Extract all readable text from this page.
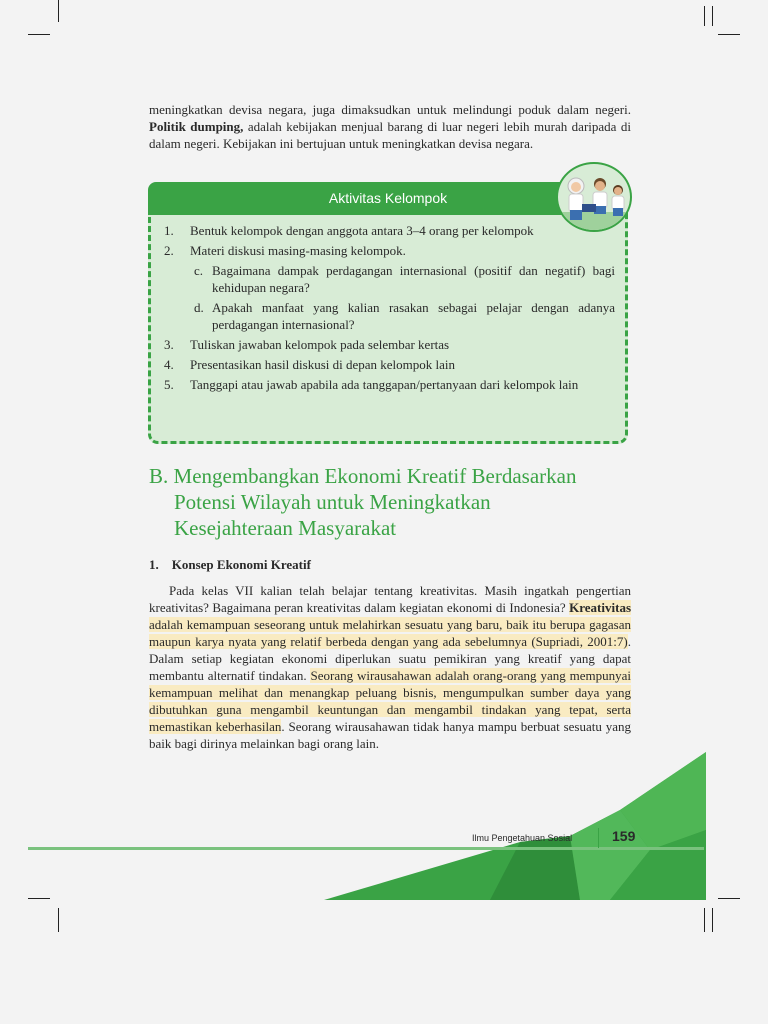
meningkatkan devisa negara, juga dimaksudkan untuk melindungi poduk dalam negeri. Politik dumping, adalah kebijakan menjual barang di luar negeri lebih murah daripada di dalam negeri. Kebijakan ini bertujuan untuk meningkatkan devisa negara.

Aktivitas Kelompok
1. Bentuk kelompok dengan anggota antara 3–4 orang per kelompok
2. Materi diskusi masing-masing kelompok.
c. Bagaimana dampak perdagangan internasional (positif dan negatif) bagi kehidupan negara?
d. Apakah manfaat yang kalian rasakan sebagai pelajar dengan adanya perdagangan internasional?
3. Tuliskan jawaban kelompok pada selembar kertas
4. Presentasikan hasil diskusi di depan kelompok lain
5. Tanggapi atau jawab apabila ada tanggapan/pertanyaan dari kelompok lain
B. Mengembangkan Ekonomi Kreatif Berdasarkan
Potensi Wilayah untuk Meningkatkan
Kesejahteraan Masyarakat
1. Konsep Ekonomi Kreatif

Pada kelas VII kalian telah belajar tentang kreativitas. Masih ingatkah pengertian kreativitas? Bagaimana peran kreativitas dalam kegiatan ekonomi di Indonesia? Kreativitas adalah kemampuan seseorang untuk melahirkan sesuatu yang baru, baik itu berupa gagasan maupun karya nyata yang relatif berbeda dengan yang ada sebelumnya (Supriadi, 2001:7). Dalam setiap kegiatan ekonomi diperlukan suatu pemikiran yang kreatif yang dapat membantu alternatif tindakan. Seorang wirausahawan adalah orang-orang yang mempunyai kemampuan melihat dan menangkap peluang bisnis, mengumpulkan sumber daya yang dibutuhkan guna mengambil keuntungan dan mengambil tindakan yang tepat, serta memastikan keberhasilan. Seorang wirausahawan tidak hanya mampu berbuat sesuatu yang baik bagi dirinya melainkan bagi orang lain.

Ilmu Pengetahuan Sosial	159
